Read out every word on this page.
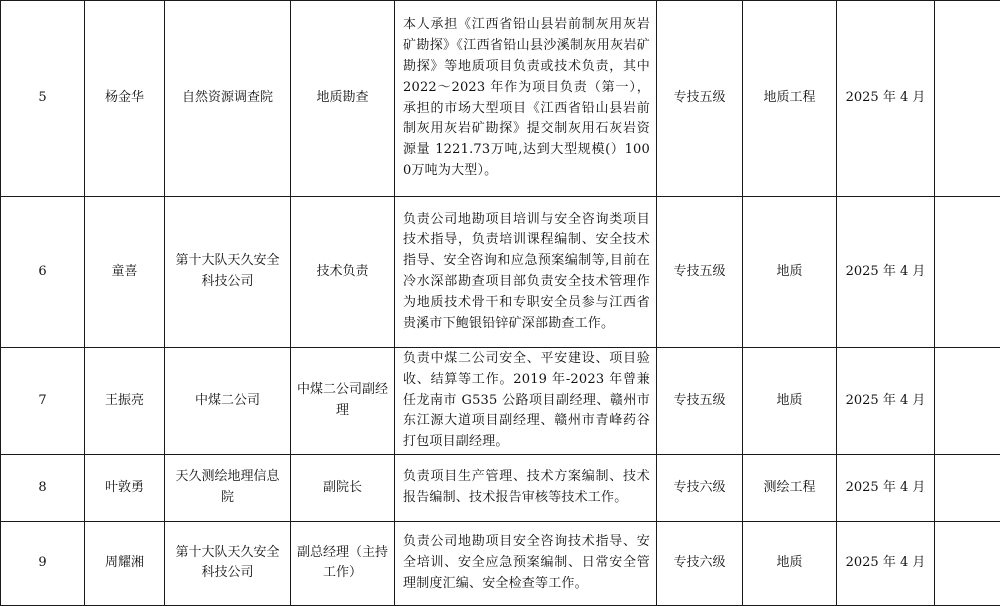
5	杨金华	自然资源调查院	地质勘查	本人承担《江西省铅山县岩前制灰用灰岩矿勘探》《江西省铅山县沙溪制灰用灰岩矿勘探》等地质项目负责或技术负责，其中 2022～2023 年作为项目负责（第一），承担的市场大型项目《江西省铅山县岩前制灰用灰岩矿勘探》提交制灰用石灰岩资源量 1221.73万吨,达到大型规模(）1000万吨为大型）。	专技五级	地质工程	2025 年 4 月	
6	童喜	第十大队天久安全科技公司	技术负责	负责公司地勘项目培训与安全咨询类项目技术指导，负责培训课程编制、安全技术指导、安全咨询和应急预案编制等,目前在冷水深部勘查项目部负责安全技术管理作为地质技术骨干和专职安全员参与江西省贵溪市下鲍银铅锌矿深部勘查工作。	专技五级	地质	2025 年 4 月	
7	王振亮	中煤二公司	中煤二公司副经理	负责中煤二公司安全、平安建设、项目验收、结算等工作。2019 年-2023 年曾兼任龙南市 G535 公路项目副经理、赣州市东江源大道项目副经理、赣州市青峰药谷打包项目副经理。	专技五级	地质	2025 年 4 月	
8	叶敦勇	天久测绘地理信息院	副院长	负责项目生产管理、技术方案编制、技术报告编制、技术报告审核等技术工作。	专技六级	测绘工程	2025 年 4 月	
9	周耀湘	第十大队天久安全科技公司	副总经理（主持工作）	负责公司地勘项目安全咨询技术指导、安全培训、安全应急预案编制、日常安全管理制度汇编、安全检查等工作。	专技六级	地质	2025 年 4 月	
